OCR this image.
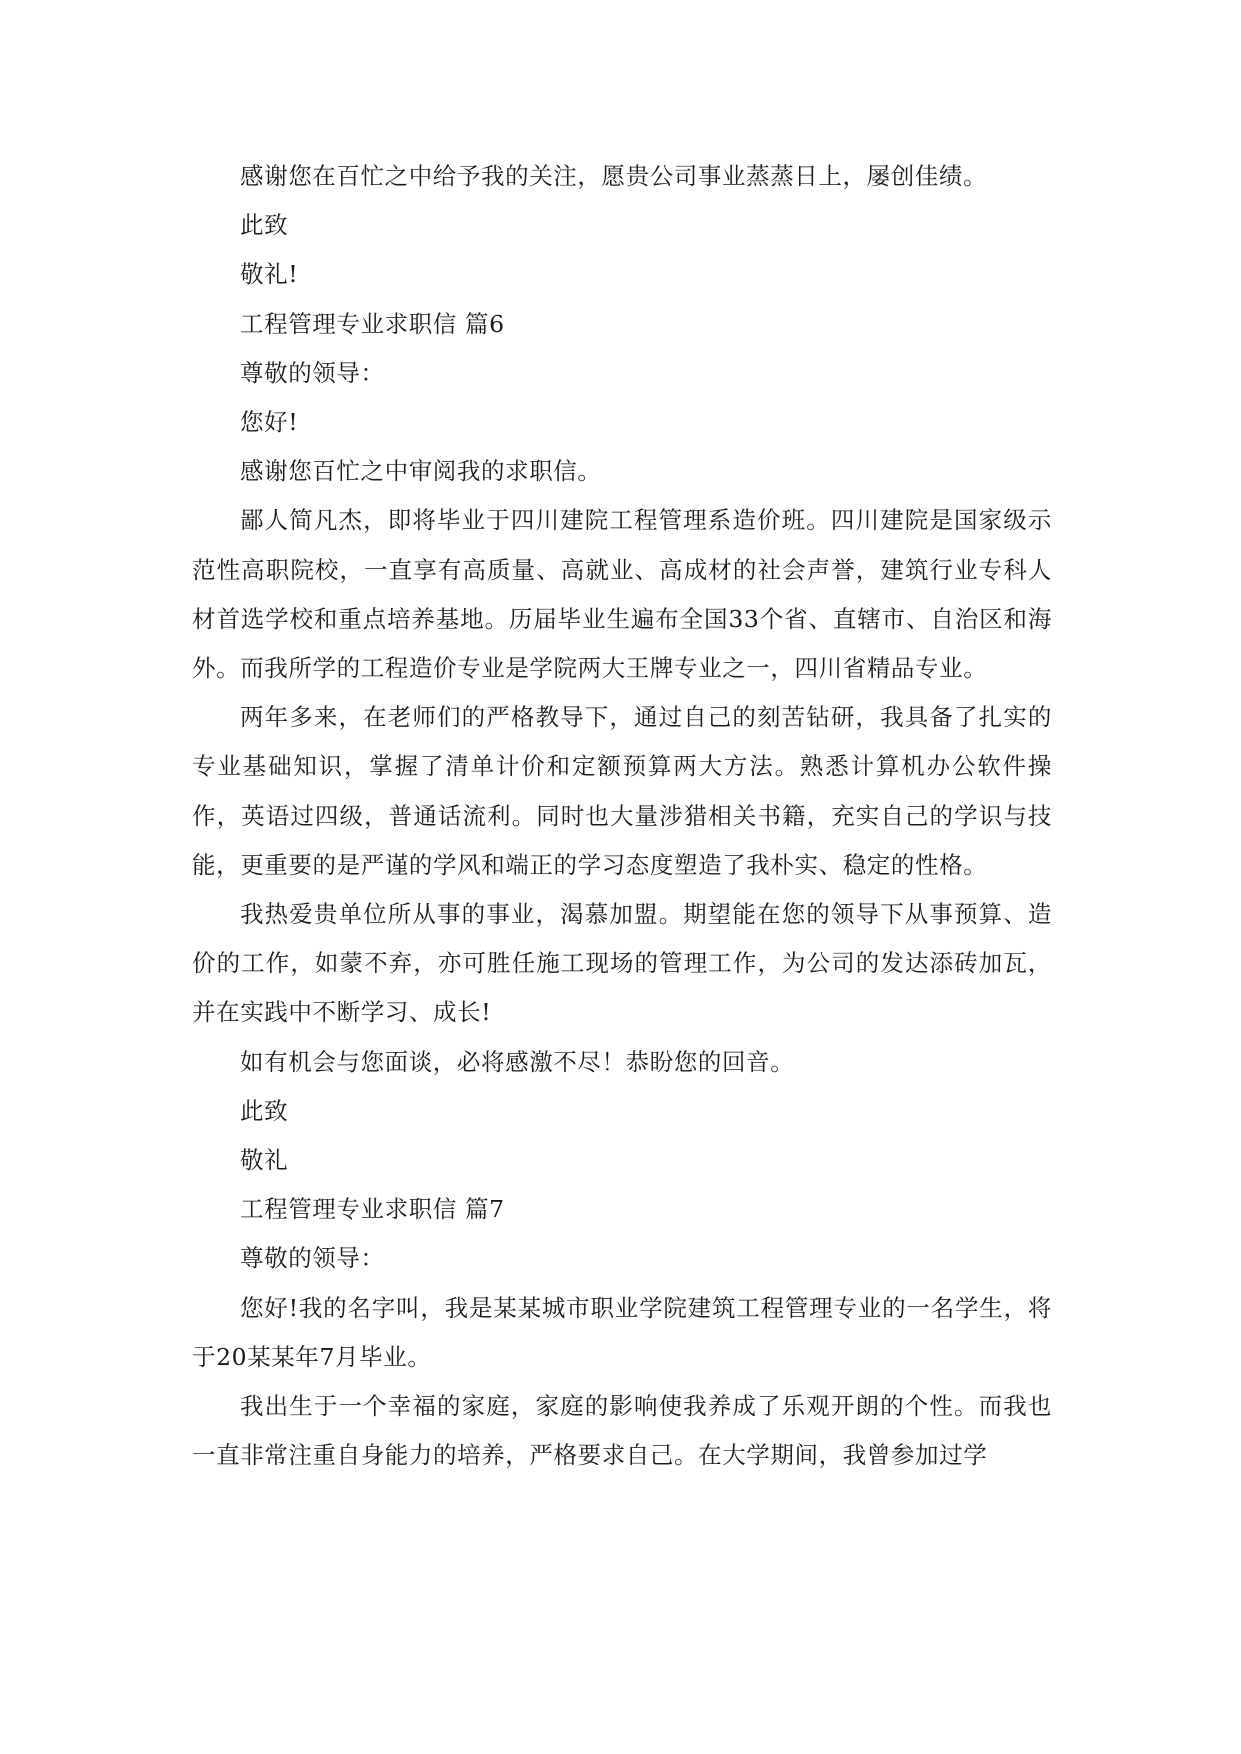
感谢您在百忙之中给予我的关注，愿贵公司事业蒸蒸日上，屡创佳绩。

此致

敬礼!

工程管理专业求职信 篇6

尊敬的领导：

您好!

感谢您百忙之中审阅我的求职信。

鄙人简凡杰，即将毕业于四川建院工程管理系造价班。四川建院是国家级示范性高职院校，一直享有高质量、高就业、高成材的社会声誉，建筑行业专科人材首选学校和重点培养基地。历届毕业生遍布全国33个省、直辖市、自治区和海外。而我所学的工程造价专业是学院两大王牌专业之一，四川省精品专业。

两年多来，在老师们的严格教导下，通过自己的刻苦钻研，我具备了扎实的专业基础知识，掌握了清单计价和定额预算两大方法。熟悉计算机办公软件操作，英语过四级，普通话流利。同时也大量涉猎相关书籍，充实自己的学识与技能，更重要的是严谨的学风和端正的学习态度塑造了我朴实、稳定的性格。

我热爱贵单位所从事的事业，渴慕加盟。期望能在您的领导下从事预算、造价的工作，如蒙不弃，亦可胜任施工现场的管理工作，为公司的发达添砖加瓦，并在实践中不断学习、成长!

如有机会与您面谈，必将感激不尽！恭盼您的回音。

此致

敬礼

工程管理专业求职信 篇7

尊敬的领导：

您好!我的名字叫，我是某某城市职业学院建筑工程管理专业的一名学生，将于20某某年7月毕业。

我出生于一个幸福的家庭，家庭的影响使我养成了乐观开朗的个性。而我也一直非常注重自身能力的培养，严格要求自己。在大学期间，我曾参加过学
